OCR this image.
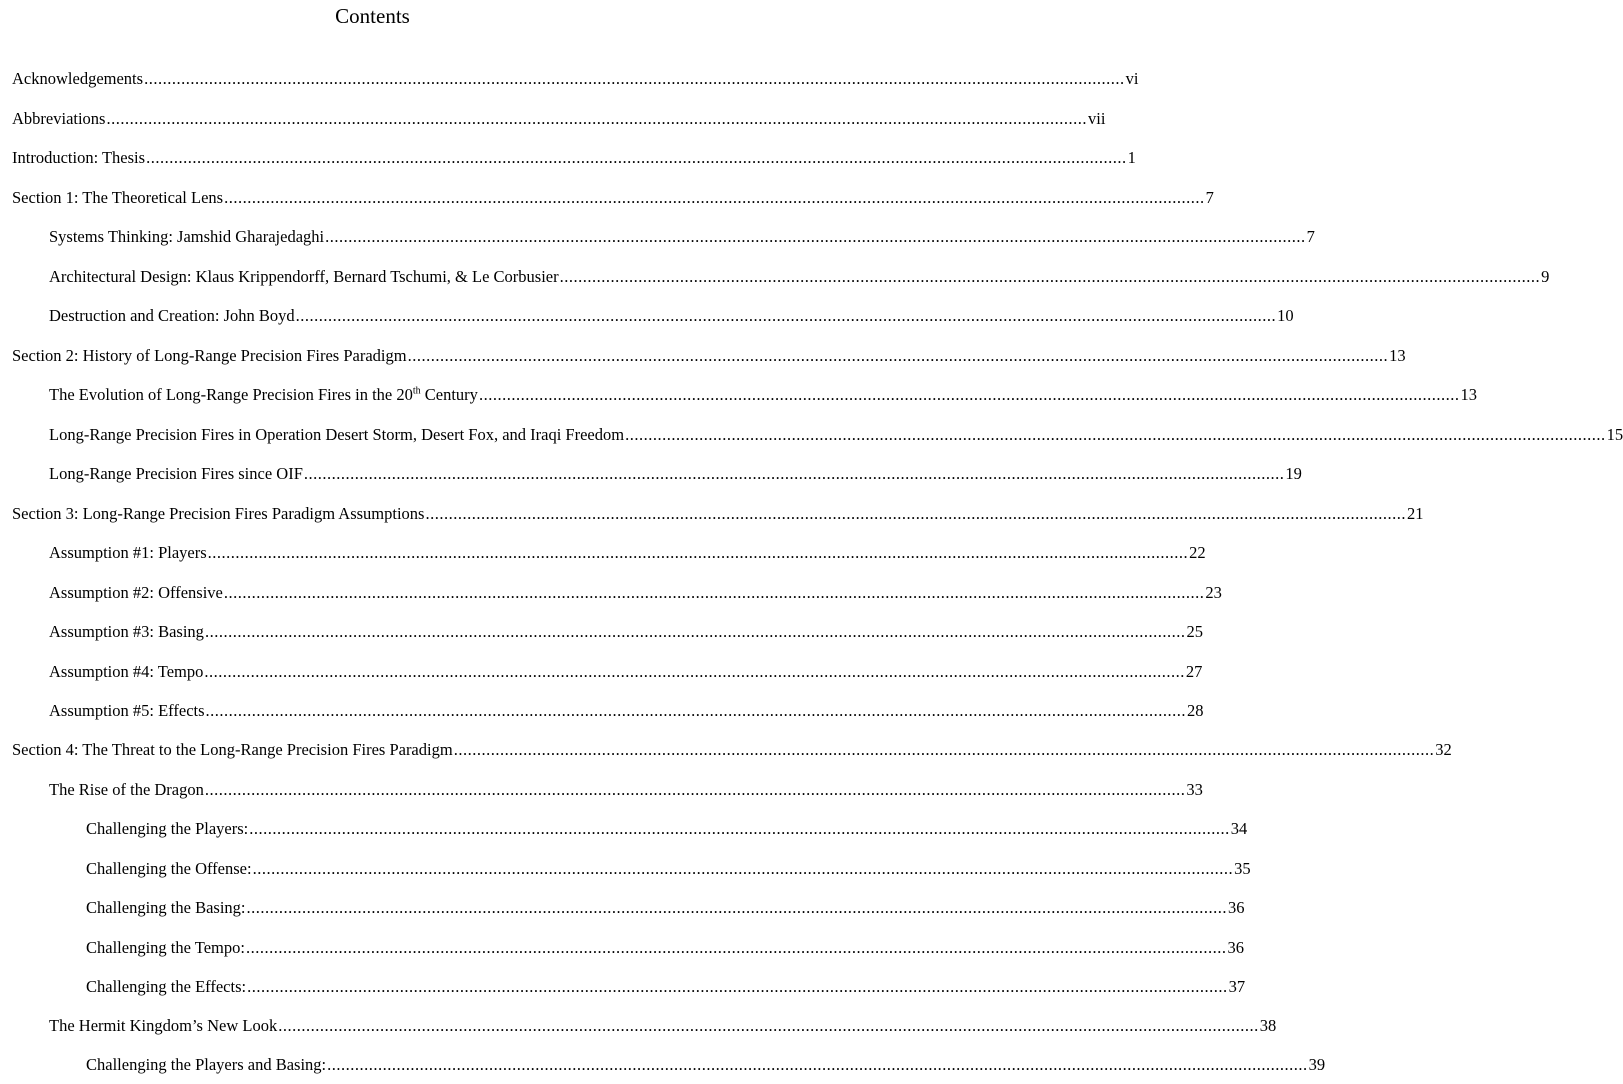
Contents
Acknowledgements .................................................................................................................................................................................................................... vi
Abbreviations .................................................................................................................................................................................................................... vii
Introduction: Thesis .................................................................................................................................................................................................................... 1
Section 1: The Theoretical Lens .................................................................................................................................................................................................................... 7
Systems Thinking: Jamshid Gharajedaghi .................................................................................................................................................................................................................... 7
Architectural Design: Klaus Krippendorff, Bernard Tschumi, & Le Corbusier .................................................................................................................................................................................................................... 9
Destruction and Creation: John Boyd .................................................................................................................................................................................................................... 10
Section 2: History of Long-Range Precision Fires Paradigm .................................................................................................................................................................................................................... 13
The Evolution of Long-Range Precision Fires in the 20th Century .................................................................................................................................................................................................................... 13
Long-Range Precision Fires in Operation Desert Storm, Desert Fox, and Iraqi Freedom .................................................................................................................................................................................................................... 15
Long-Range Precision Fires since OIF .................................................................................................................................................................................................................... 19
Section 3: Long-Range Precision Fires Paradigm Assumptions .................................................................................................................................................................................................................... 21
Assumption #1: Players .................................................................................................................................................................................................................... 22
Assumption #2: Offensive .................................................................................................................................................................................................................... 23
Assumption #3: Basing .................................................................................................................................................................................................................... 25
Assumption #4: Tempo .................................................................................................................................................................................................................... 27
Assumption #5: Effects .................................................................................................................................................................................................................... 28
Section 4: The Threat to the Long-Range Precision Fires Paradigm .................................................................................................................................................................................................................... 32
The Rise of the Dragon .................................................................................................................................................................................................................... 33
Challenging the Players: .................................................................................................................................................................................................................... 34
Challenging the Offense: .................................................................................................................................................................................................................... 35
Challenging the Basing: .................................................................................................................................................................................................................... 36
Challenging the Tempo: .................................................................................................................................................................................................................... 36
Challenging the Effects: .................................................................................................................................................................................................................... 37
The Hermit Kingdom’s New Look .................................................................................................................................................................................................................... 38
Challenging the Players and Basing: .................................................................................................................................................................................................................... 39
